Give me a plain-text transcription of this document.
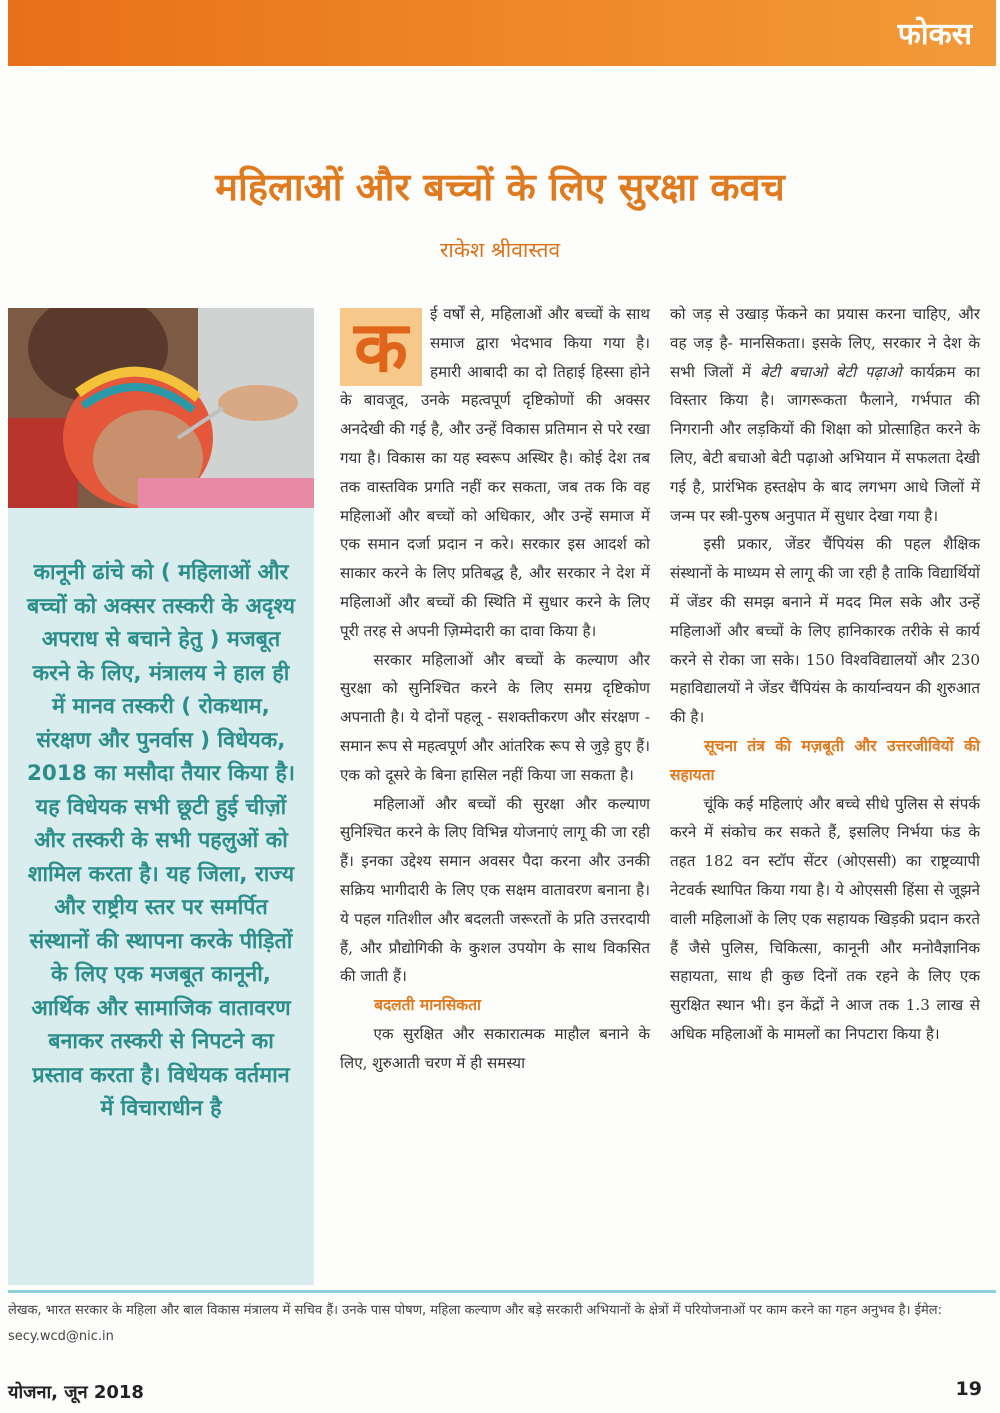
फोकस
महिलाओं और बच्चों के लिए सुरक्षा कवच
राकेश श्रीवास्तव

कानूनी ढांचे को ( महिलाओं और बच्चों को अक्सर तस्करी के अदृश्य अपराध से बचाने हेतु ) मजबूत करने के लिए, मंत्रालय ने हाल ही में मानव तस्करी ( रोकथाम, संरक्षण और पुनर्वास ) विधेयक, 2018 का मसौदा तैयार किया है। यह विधेयक सभी छूटी हुई चीज़ों और तस्करी के सभी पहलुओं को शामिल करता है। यह जिला, राज्य और राष्ट्रीय स्तर पर समर्पित संस्थानों की स्थापना करके पीड़ितों के लिए एक मजबूत कानूनी, आर्थिक और सामाजिक वातावरण बनाकर तस्करी से निपटने का प्रस्ताव करता है। विधेयक वर्तमान में विचाराधीन है

क	ई वर्षों से, महिलाओं और बच्चों के साथ समाज द्वारा भेदभाव किया गया है। हमारी आबादी का दो तिहाई हिस्सा होने के बावजूद, उनके महत्वपूर्ण दृष्टिकोणों की अक्सर अनदेखी की गई है, और उन्हें विकास प्रतिमान से परे रखा गया है। विकास का यह स्वरूप अस्थिर है। कोई देश तब तक वास्तविक प्रगति नहीं कर सकता, जब तक कि वह महिलाओं और बच्चों को अधिकार, और उन्हें समाज में एक समान दर्जा प्रदान न करे। सरकार इस आदर्श को साकार करने के लिए प्रतिबद्ध है, और सरकार ने देश में महिलाओं और बच्चों की स्थिति में सुधार करने के लिए पूरी तरह से अपनी ज़िम्मेदारी का दावा किया है।

सरकार महिलाओं और बच्चों के कल्याण और सुरक्षा को सुनिश्चित करने के लिए समग्र दृष्टिकोण अपनाती है। ये दोनों पहलू - सशक्तीकरण और संरक्षण - समान रूप से महत्वपूर्ण और आंतरिक रूप से जुड़े हुए हैं। एक को दूसरे के बिना हासिल नहीं किया जा सकता है।

महिलाओं और बच्चों की सुरक्षा और कल्याण सुनिश्चित करने के लिए विभिन्न योजनाएं लागू की जा रही हैं। इनका उद्देश्य समान अवसर पैदा करना और उनकी सक्रिय भागीदारी के लिए एक सक्षम वातावरण बनाना है। ये पहल गतिशील और बदलती जरूरतों के प्रति उत्तरदायी हैं, और प्रौद्योगिकी के कुशल उपयोग के साथ विकसित की जाती हैं।

बदलती मानसिकता

एक सुरक्षित और सकारात्मक माहौल बनाने के लिए, शुरुआती चरण में ही समस्या

को जड़ से उखाड़ फेंकने का प्रयास करना चाहिए, और वह जड़ है- मानसिकता। इसके लिए, सरकार ने देश के सभी जिलों में बेटी बचाओ बेटी पढ़ाओ कार्यक्रम का विस्तार किया है। जागरूकता फैलाने, गर्भपात की निगरानी और लड़कियों की शिक्षा को प्रोत्साहित करने के लिए, बेटी बचाओ बेटी पढ़ाओ अभियान में सफलता देखी गई है, प्रारंभिक हस्तक्षेप के बाद लगभग आधे जिलों में जन्म पर स्त्री-पुरुष अनुपात में सुधार देखा गया है।

इसी प्रकार, जेंडर चैंपियंस की पहल शैक्षिक संस्थानों के माध्यम से लागू की जा रही है ताकि विद्यार्थियों में जेंडर की समझ बनाने में मदद मिल सके और उन्हें महिलाओं और बच्चों के लिए हानिकारक तरीके से कार्य करने से रोका जा सके। 150 विश्वविद्यालयों और 230 महाविद्यालयों ने जेंडर चैंपियंस के कार्यान्वयन की शुरुआत की है।

सूचना तंत्र की मज़बूती और उत्तरजीवियों की सहायता

चूंकि कई महिलाएं और बच्चे सीधे पुलिस से संपर्क करने में संकोच कर सकते हैं, इसलिए निर्भया फंड के तहत 182 वन स्टॉप सेंटर (ओएससी) का राष्ट्रव्यापी नेटवर्क स्थापित किया गया है। ये ओएससी हिंसा से जूझने वाली महिलाओं के लिए एक सहायक खिड़की प्रदान करते हैं जैसे पुलिस, चिकित्सा, कानूनी और मनोवैज्ञानिक सहायता, साथ ही कुछ दिनों तक रहने के लिए एक सुरक्षित स्थान भी। इन केंद्रों ने आज तक 1.3 लाख से अधिक महिलाओं के मामलों का निपटारा किया है।

लेखक, भारत सरकार के महिला और बाल विकास मंत्रालय में सचिव हैं। उनके पास पोषण, महिला कल्याण और बड़े सरकारी अभियानों के क्षेत्रों में परियोजनाओं पर काम करने का गहन अनुभव है। ईमेल: secy.wcd@nic.in
योजना, जून 2018	19
